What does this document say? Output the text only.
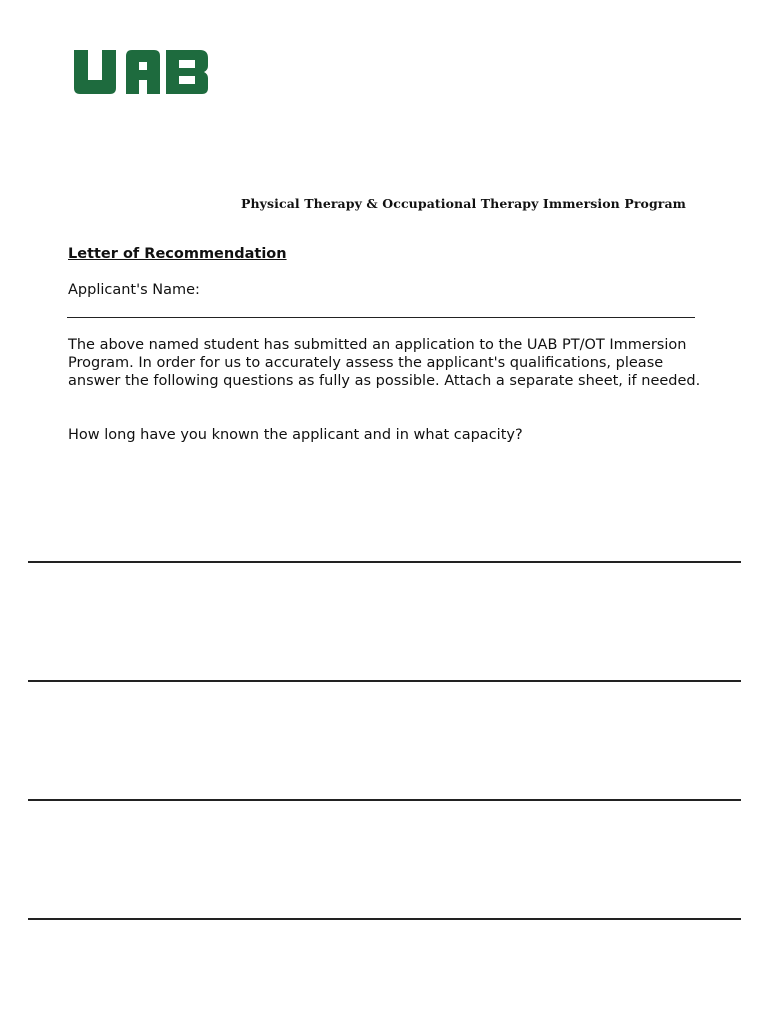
Physical Therapy & Occupational Therapy Immersion Program
Letter of Recommendation
Applicant's Name:

The above named student has submitted an application to the UAB PT/OT Immersion Program. In order for us to accurately assess the applicant's qualifications, please answer the following questions as fully as possible. Attach a separate sheet, if needed.

How long have you known the applicant and in what capacity?
